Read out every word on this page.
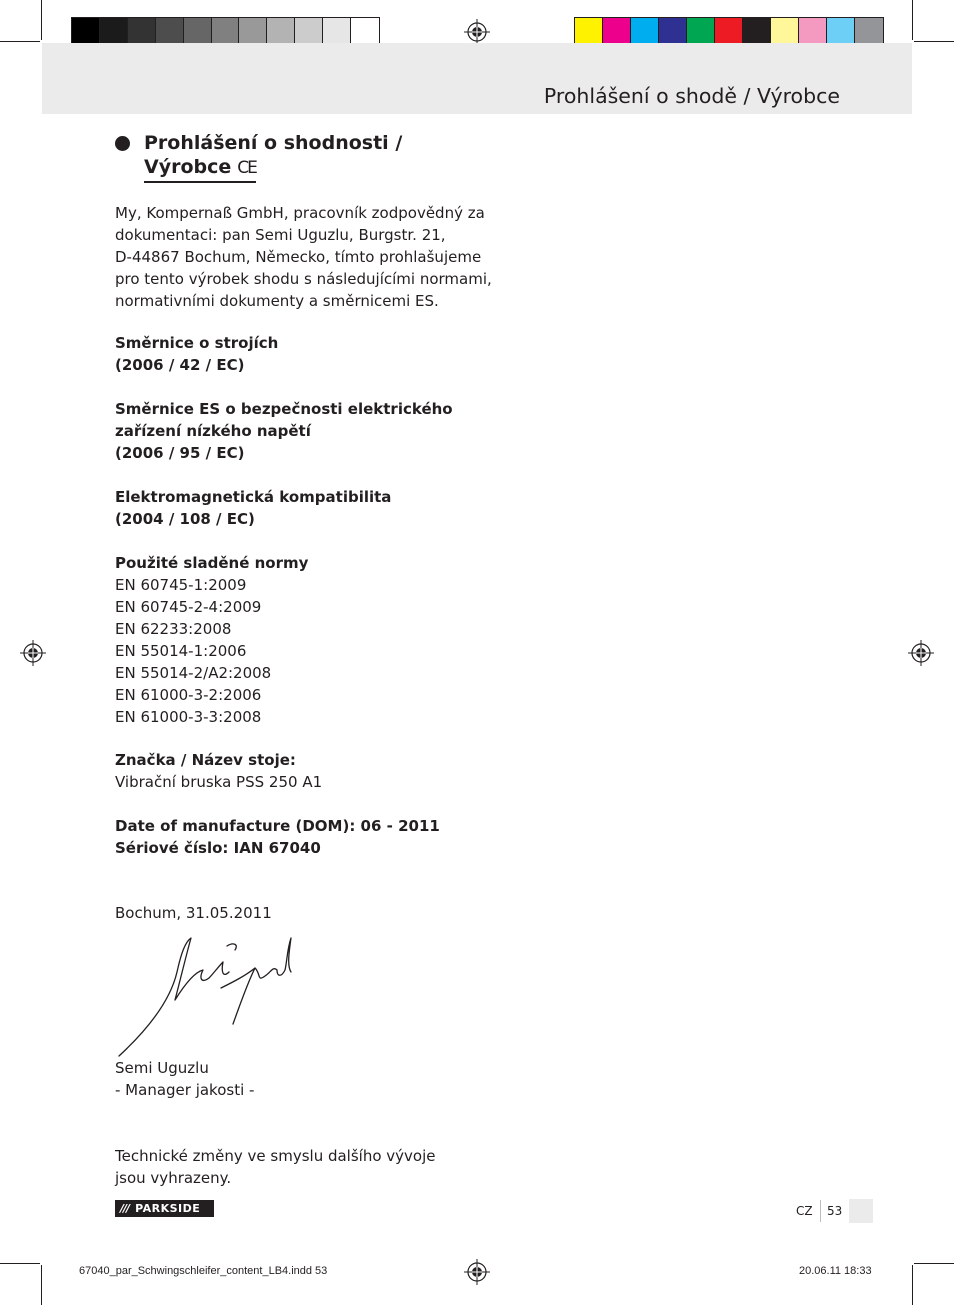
Prohlášení o shodě / Výrobce
Prohlášení o shodnosti /
Výrobce CE
My, Kompernaß GmbH, pracovník zodpovědný za
dokumentaci: pan Semi Uguzlu, Burgstr. 21,
D-44867 Bochum, Německo, tímto prohlašujeme
pro tento výrobek shodu s následujícími normami,
normativními dokumenty a směrnicemi ES.
Směrnice o strojích
(2006 / 42 / EC)
Směrnice ES o bezpečnosti elektrického
zařízení nízkého napětí
(2006 / 95 / EC)
Elektromagnetická kompatibilita
(2004 / 108 / EC)
Použité sladěné normy
EN 60745-1:2009
EN 60745-2-4:2009
EN 62233:2008
EN 55014-1:2006
EN 55014-2/A2:2008
EN 61000-3-2:2006
EN 61000-3-3:2008
Značka / Název stoje:
Vibrační bruska PSS 250 A1
Date of manufacture (DOM): 06 - 2011
Sériové číslo: IAN 67040
Bochum, 31.05.2011
Semi Uguzlu
- Manager jakosti -
Technické změny ve smyslu dalšího vývoje
jsou vyhrazeny.
/// PARKSIDE	CZ 53
67040_par_Schwingschleifer_content_LB4.indd 53	20.06.11 18:33
